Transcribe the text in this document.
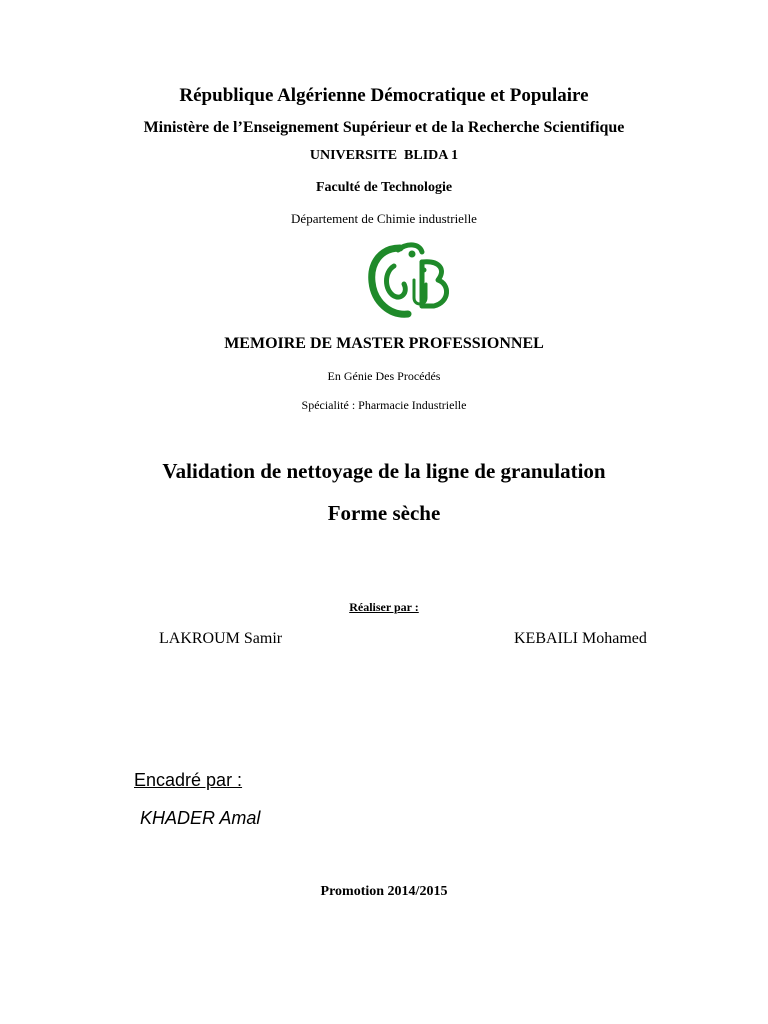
République Algérienne Démocratique et Populaire
Ministère de l’Enseignement Supérieur et de la Recherche Scientifique
UNIVERSITE  BLIDA 1
Faculté de Technologie
Département de Chimie industrielle
MEMOIRE DE MASTER PROFESSIONNEL
En Génie Des Procédés
Spécialité : Pharmacie Industrielle
Validation de nettoyage de la ligne de granulation
Forme sèche
Réaliser par :
LAKROUM Samir	KEBAILI Mohamed
Encadré par :
KHADER Amal
Promotion 2014/2015
